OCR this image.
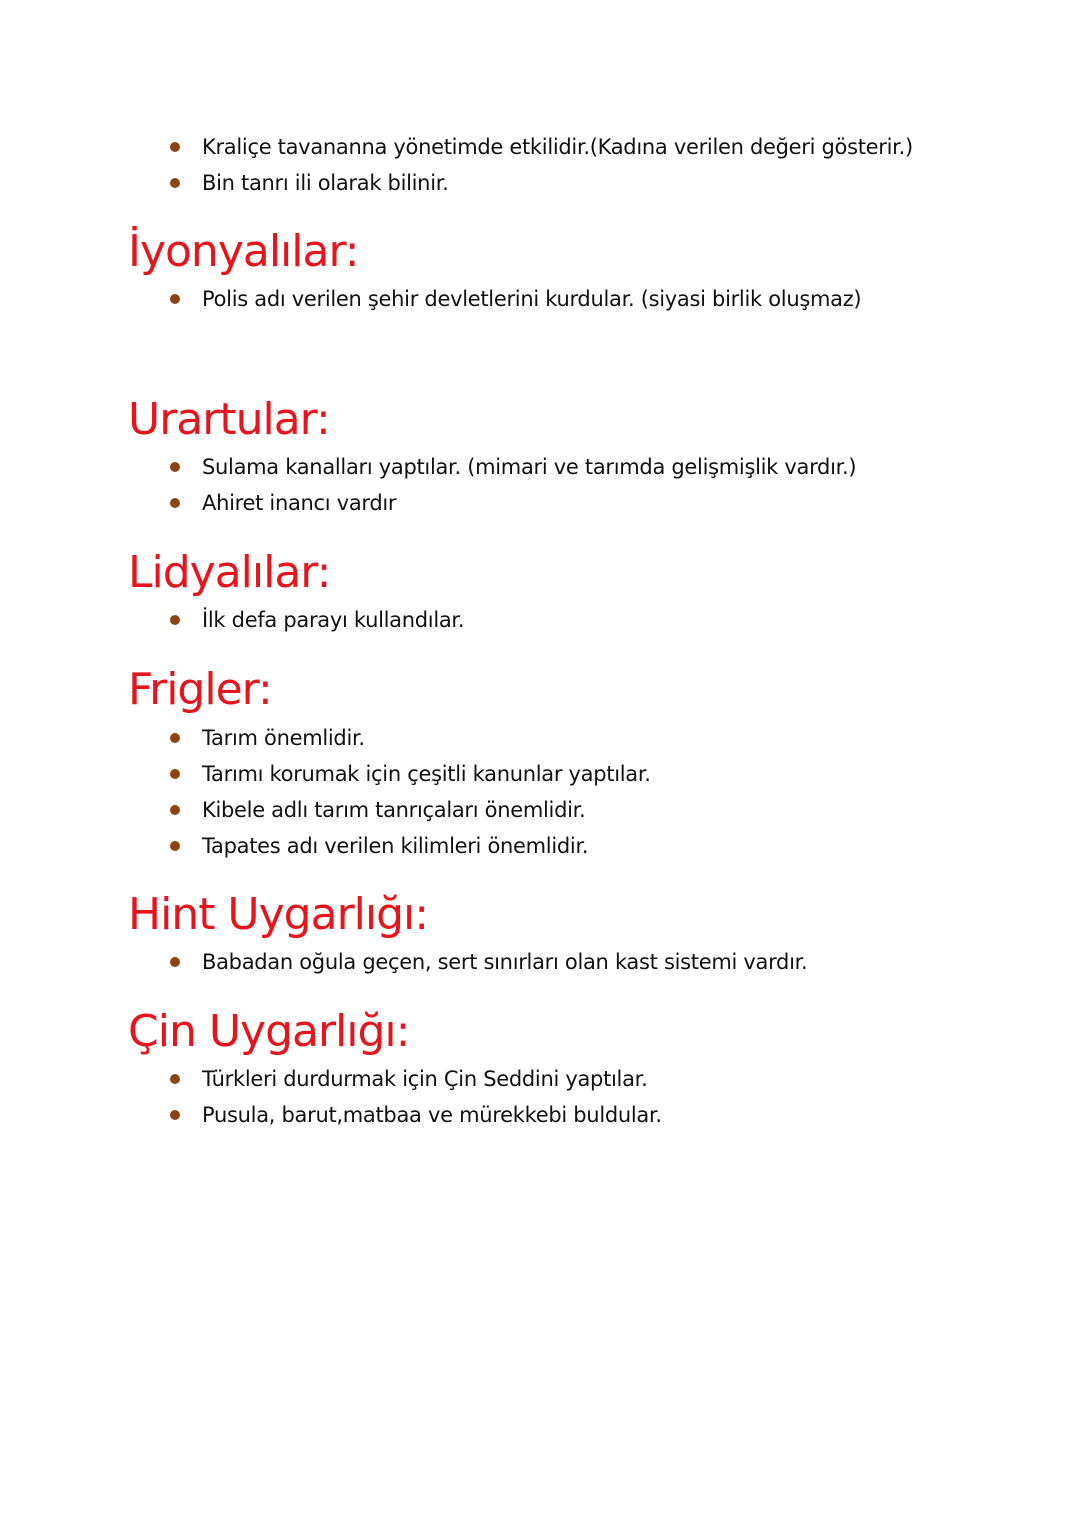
Kraliçe tavananna yönetimde etkilidir.(Kadına verilen değeri gösterir.)
Bin tanrı ili olarak bilinir.
İyonyalılar:
Polis adı verilen şehir devletlerini kurdular. (siyasi birlik oluşmaz)
Urartular:
Sulama kanalları yaptılar. (mimari ve tarımda gelişmişlik vardır.)
Ahiret inancı vardır
Lidyalılar:
İlk defa parayı kullandılar.
Frigler:
Tarım önemlidir.
Tarımı korumak için çeşitli kanunlar yaptılar.
Kibele adlı tarım tanrıçaları önemlidir.
Tapates adı verilen kilimleri önemlidir.
Hint Uygarlığı:
Babadan oğula geçen, sert sınırları olan kast sistemi vardır.
Çin Uygarlığı:
Türkleri durdurmak için Çin Seddini yaptılar.
Pusula, barut,matbaa ve mürekkebi buldular.
